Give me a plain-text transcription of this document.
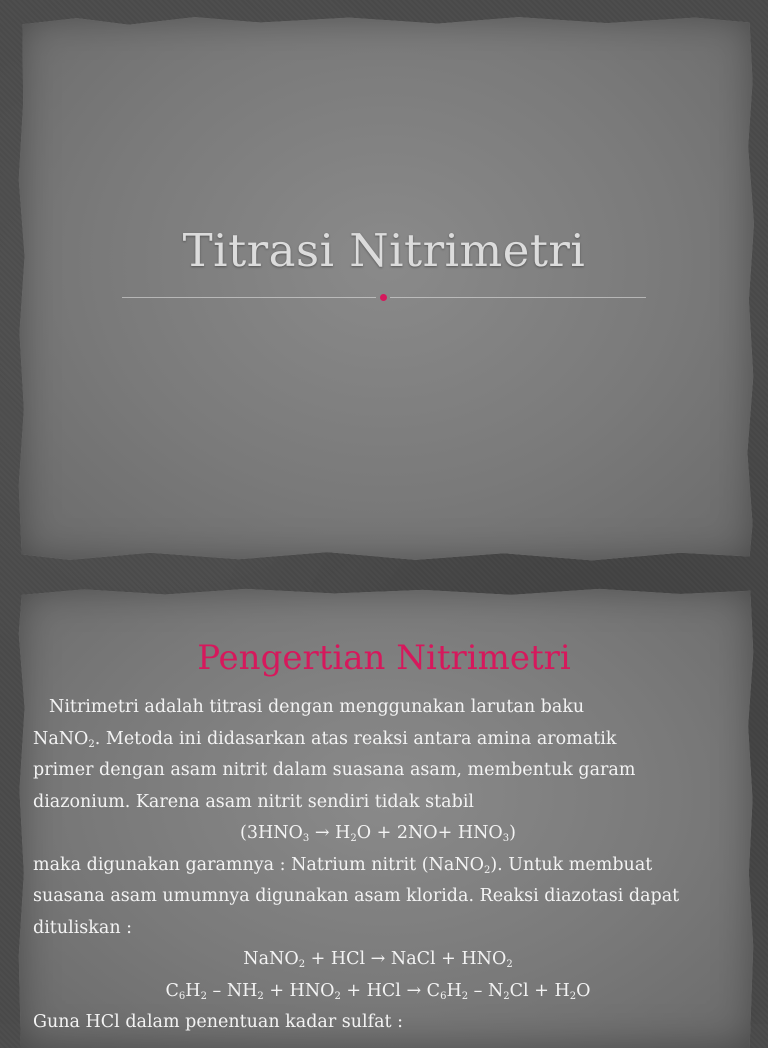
Titrasi Nitrimetri
Pengertian Nitrimetri
Nitrimetri adalah titrasi dengan menggunakan larutan baku
NaNO$_2$. Metoda ini didasarkan atas reaksi antara amina aromatik
primer dengan asam nitrit dalam suasana asam, membentuk garam
diazonium. Karena asam nitrit sendiri tidak stabil
$(3HNO_3 \to H_2O + 2NO+ HNO_3)$
maka digunakan garamnya : Natrium nitrit (NaNO$_2$). Untuk membuat
suasana asam umumnya digunakan asam klorida. Reaksi diazotasi dapat
dituliskan :
NaNO$_2$ + HCl → NaCl + $HNO_2$
$C_6H_2 - NH_2 + HNO_2$ + HCl → $C_6H_2 - N_2Cl + H_2O$
Guna HCl dalam penentuan kadar sulfat :
